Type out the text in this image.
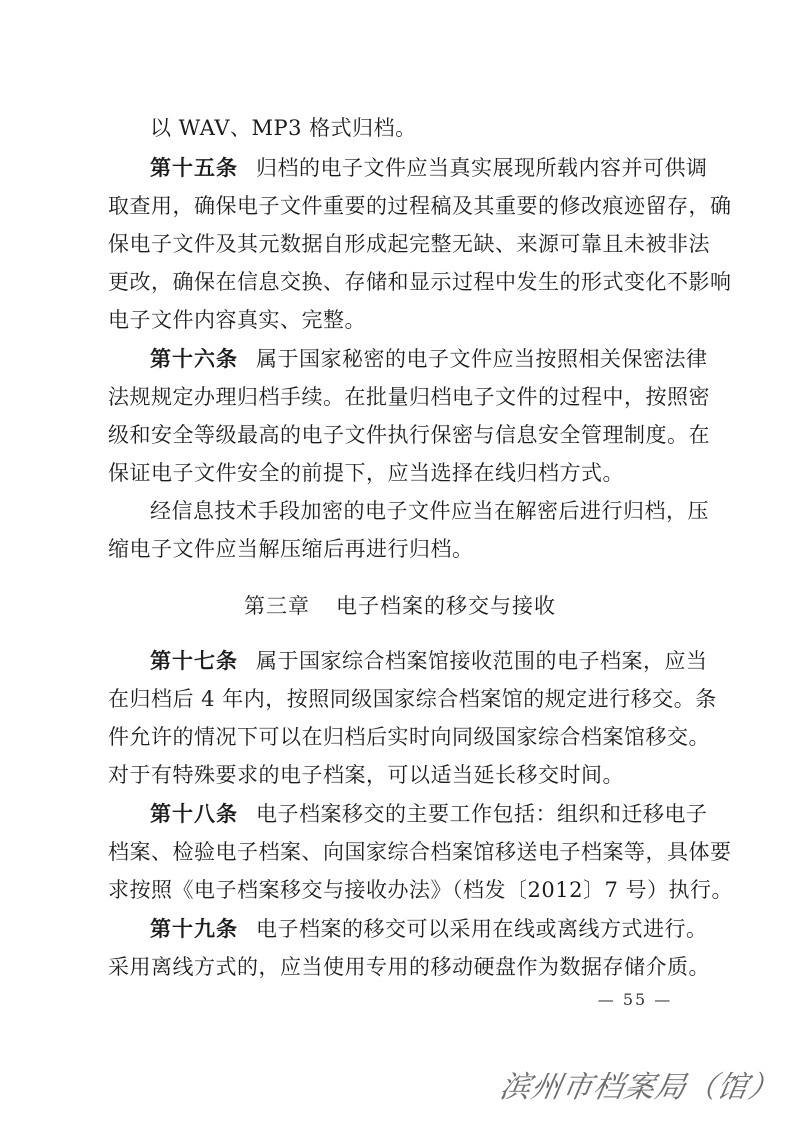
以 WAV、MP3 格式归档。
第十五条 归档的电子文件应当真实展现所载内容并可供调
取查用，确保电子文件重要的过程稿及其重要的修改痕迹留存，确
保电子文件及其元数据自形成起完整无缺、来源可靠且未被非法
更改，确保在信息交换、存储和显示过程中发生的形式变化不影响
电子文件内容真实、完整。
第十六条 属于国家秘密的电子文件应当按照相关保密法律
法规规定办理归档手续。在批量归档电子文件的过程中，按照密
级和安全等级最高的电子文件执行保密与信息安全管理制度。在
保证电子文件安全的前提下，应当选择在线归档方式。
经信息技术手段加密的电子文件应当在解密后进行归档，压
缩电子文件应当解压缩后再进行归档。
第三章 电子档案的移交与接收
第十七条 属于国家综合档案馆接收范围的电子档案，应当
在归档后 4 年内，按照同级国家综合档案馆的规定进行移交。条
件允许的情况下可以在归档后实时向同级国家综合档案馆移交。
对于有特殊要求的电子档案，可以适当延长移交时间。
第十八条 电子档案移交的主要工作包括：组织和迁移电子
档案、检验电子档案、向国家综合档案馆移送电子档案等，具体要
求按照《电子档案移交与接收办法》（档发〔2012〕7 号）执行。
第十九条 电子档案的移交可以采用在线或离线方式进行。
采用离线方式的，应当使用专用的移动硬盘作为数据存储介质。
— 55 —
滨州市档案局（馆）
